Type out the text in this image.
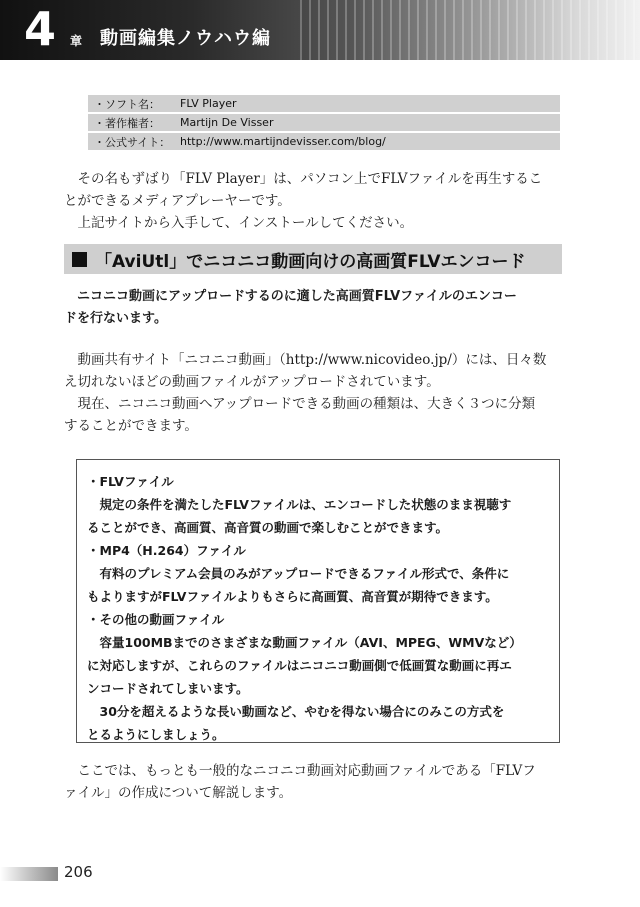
4 章 動画編集ノウハウ編
・ソフト名：	FLV Player
・著作権者：	Martijn De Visser
・公式サイト： http://www.martijndevisser.com/blog/

その名もずばり「FLV Player」は、パソコン上でFLVファイルを再生するこ
とができるメディアプレーヤーです。
上記サイトから入手して、インストールしてください。

「AviUtl」でニコニコ動画向けの高画質FLVエンコード

ニコニコ動画にアップロードするのに適した高画質FLVファイルのエンコー
ドを行ないます。

動画共有サイト「ニコニコ動画」（http://www.nicovideo.jp/）には、日々数
え切れないほどの動画ファイルがアップロードされています。
現在、ニコニコ動画へアップロードできる動画の種類は、大きく３つに分類
することができます。

・FLVファイル

規定の条件を満たしたFLVファイルは、エンコードした状態のまま視聴す

ることができ、高画質、高音質の動画で楽しむことができます。

・MP4（H.264）ファイル

有料のプレミアム会員のみがアップロードできるファイル形式で、条件に

もよりますがFLVファイルよりもさらに高画質、高音質が期待できます。

・その他の動画ファイル

容量100MBまでのさまざまな動画ファイル（AVI、MPEG、WMVなど）

に対応しますが、これらのファイルはニコニコ動画側で低画質な動画に再エ

ンコードされてしまいます。

30分を超えるような長い動画など、やむを得ない場合にのみこの方式を

とるようにしましょう。

ここでは、もっとも一般的なニコニコ動画対応動画ファイルである「FLVフ
ァイル」の作成について解説します。

206
